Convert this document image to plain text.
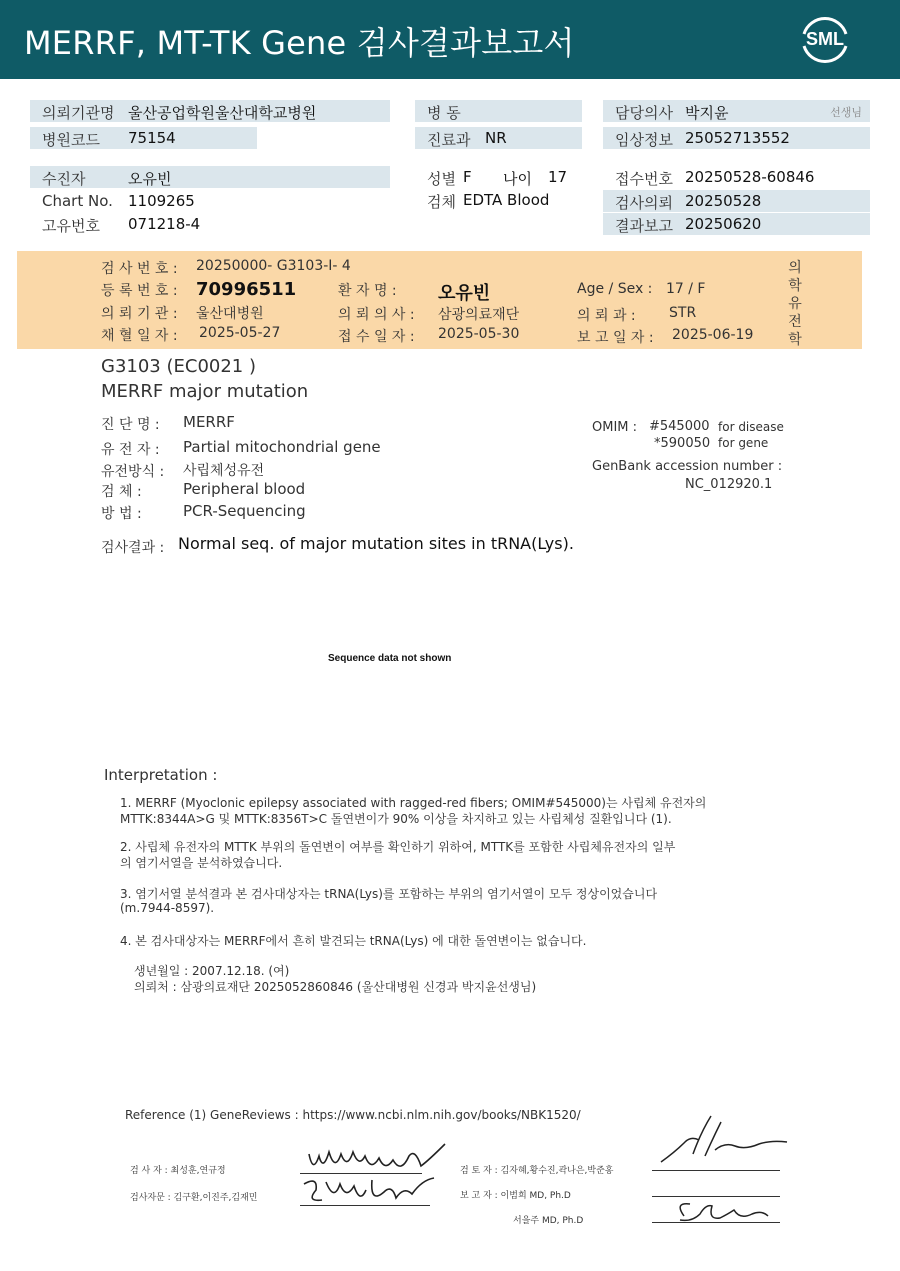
MERRF, MT-TK Gene 검사결과보고서	SML
의뢰기관명 울산공업학원울산대학교병원	병 동	담당의사 박지윤	선생님
병원코드 75154	진료과 NR	임상정보 25052713552
수진자	오유빈	성별 F 나이 17	접수번호 20250528-60846
Chart No. 1109265	검체 EDTA Blood	검사의뢰 20250528
고유번호 071218-4	결과보고 20250620
검 사 번 호 : 20250000- G3103-I- 4
등 록 번 호 : 70996511	환 자 명 : 오유빈	Age / Sex : 17 / F
의 뢰 기 관 : 울산대병원	의 뢰 의 사 : 삼광의료재단	의 뢰 과 : STR
채 혈 일 자 : 2025-05-27	접 수 일 자 : 2025-05-30	보 고 일 자 : 2025-06-19
의 학 유 전 학
G3103 (EC0021 )
MERRF major mutation
진 단 명 : MERRF
유 전 자 : Partial mitochondrial gene
유전방식 : 사립체성유전
검 체 :	Peripheral blood
방 법 :	PCR-Sequencing
OMIM : #545000 for disease
*590050 for gene
GenBank accession number :
NC_012920.1
검사결과 : Normal seq. of major mutation sites in tRNA(Lys).
Sequence data not shown
Interpretation :
1. MERRF (Myoclonic epilepsy associated with ragged-red fibers; OMIM#545000)는 사립체 유전자의
MTTK:8344A>G 및 MTTK:8356T>C 돌연변이가 90% 이상을 차지하고 있는 사립체성 질환입니다 (1).
2. 사립체 유전자의 MTTK 부위의 돌연변이 여부를 확인하기 위하여, MTTK를 포함한 사립체유전자의 일부
의 염기서열을 분석하였습니다.
3. 염기서열 분석결과 본 검사대상자는 tRNA(Lys)를 포함하는 부위의 염기서열이 모두 정상이었습니다
(m.7944-8597).
4. 본 검사대상자는 MERRF에서 흔히 발견되는 tRNA(Lys) 에 대한 돌연변이는 없습니다.
생년월일 : 2007.12.18. (여)
의뢰처 : 삼광의료재단 2025052860846 (울산대병원 신경과 박지윤선생님)
Reference (1) GeneReviews : https://www.ncbi.nlm.nih.gov/books/NBK1520/
검 사 자 : 최성훈,연규정
검사자문 : 김구환,이진주,김재민
검 토 자 : 김자혜,황수진,곽나은,박준홍
보 고 자 : 이범희 MD, Ph.D
서을주 MD, Ph.D
